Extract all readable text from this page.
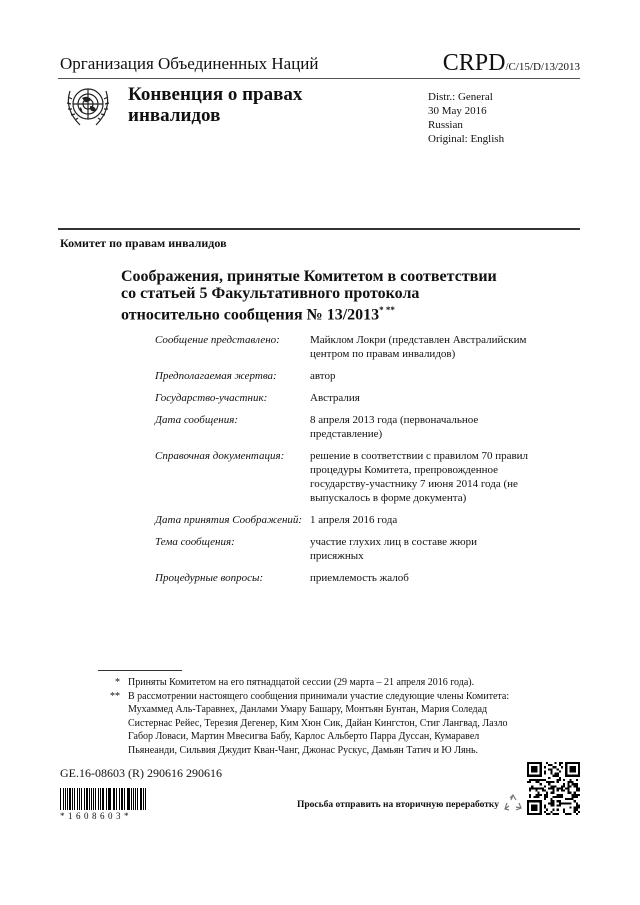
Организация Объединенных Наций	CRPD/C/15/D/13/2013
Конвенция о правах
инвалидов
Distr.: General
30 May 2016
Russian
Original: English
Комитет по правам инвалидов
Соображения, принятые Комитетом в соответствии
со статьей 5 Факультативного протокола
относительно сообщения № 13/2013* **
Сообщение представлено:	Майклом Локри (представлен Австралийским центром по правам инвалидов)
Предполагаемая жертва:	автор
Государство-участник:	Австралия
Дата сообщения:	8 апреля 2013 года (первоначальное представление)
Справочная документация:	решение в соответствии с правилом 70 правил процедуры Комитета, препровожденное государству-участнику 7 июня 2014 года (не выпускалось в форме документа)
Дата принятия Соображений: 1 апреля 2016 года
Тема сообщения:	участие глухих лиц в составе жюри присяжных
Процедурные вопросы:	приемлемость жалоб
* Приняты Комитетом на его пятнадцатой сессии (29 марта – 21 апреля 2016 года).
** В рассмотрении настоящего сообщения принимали участие следующие члены Комитета: Мухаммед Аль-Таравнех, Данлами Умару Башару, Монтьян Бунтан, Мария Соледад Систернас Рейес, Терезия Дегенер, Ким Хюн Сик, Дайан Кингстон, Стиг Лангвад, Лазло Габор Ловаси, Мартин Мвесигва Бабу, Карлос Альберто Парра Дуссан, Кумаравел Пьянеанди, Сильвия Джудит Кван-Чанг, Джонас Рускус, Дамьян Татич и Ю Лянь.
GE.16-08603 (R) 290616 290616
*1608603*
Просьба отправить на вторичную переработку
